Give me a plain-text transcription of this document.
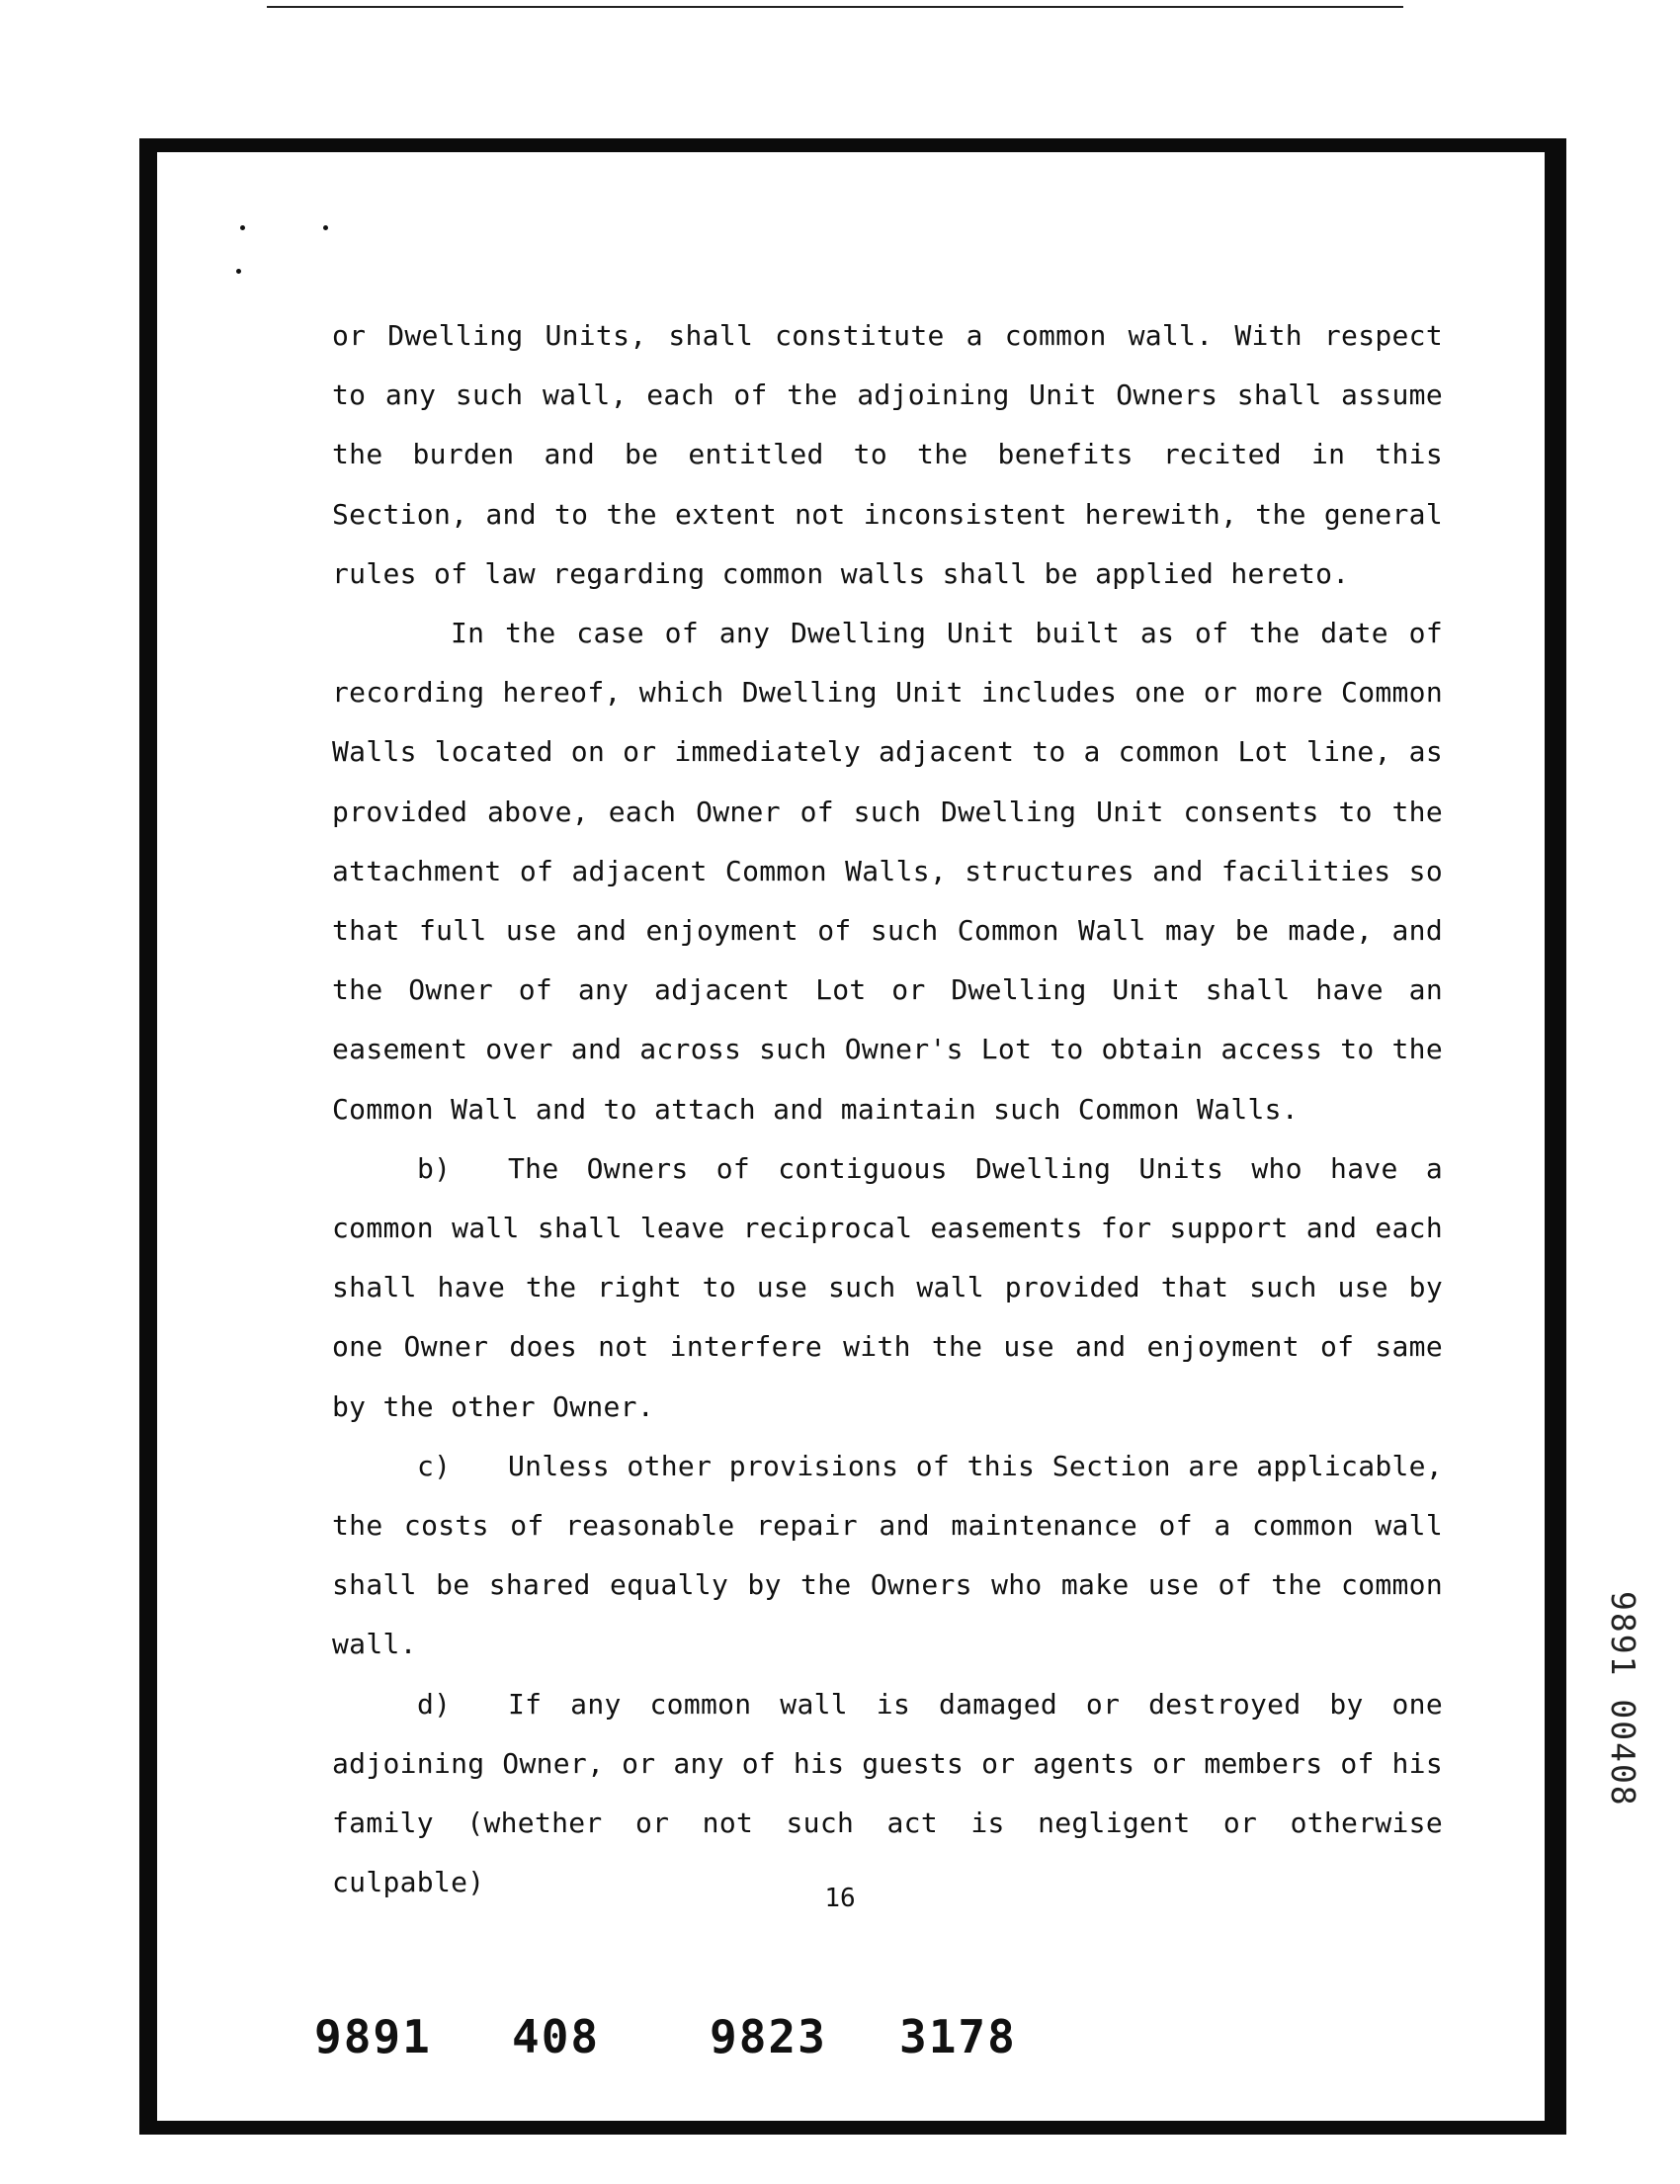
or Dwelling Units, shall constitute a common wall. With respect to any such wall, each of the adjoining Unit Owners shall assume the burden and be entitled to the benefits recited in this Section, and to the extent not inconsistent herewith, the general rules of law regarding common walls shall be applied hereto.

In the case of any Dwelling Unit built as of the date of recording hereof, which Dwelling Unit includes one or more Common Walls located on or immediately adjacent to a common Lot line, as provided above, each Owner of such Dwelling Unit consents to the attachment of adjacent Common Walls, structures and facilities so that full use and enjoyment of such Common Wall may be made, and the Owner of any adjacent Lot or Dwelling Unit shall have an easement over and across such Owner's Lot to obtain access to the Common Wall and to attach and maintain such Common Walls.

b) The Owners of contiguous Dwelling Units who have a common wall shall leave reciprocal easements for support and each shall have the right to use such wall provided that such use by one Owner does not interfere with the use and enjoyment of same by the other Owner.

c) Unless other provisions of this Section are applicable, the costs of reasonable repair and maintenance of a common wall shall be shared equally by the Owners who make use of the common wall.

d) If any common wall is damaged or destroyed by one adjoining Owner, or any of his guests or agents or members of his family (whether or not such act is negligent or otherwise culpable)	16
9891 408 9823 3178
9891 00408
